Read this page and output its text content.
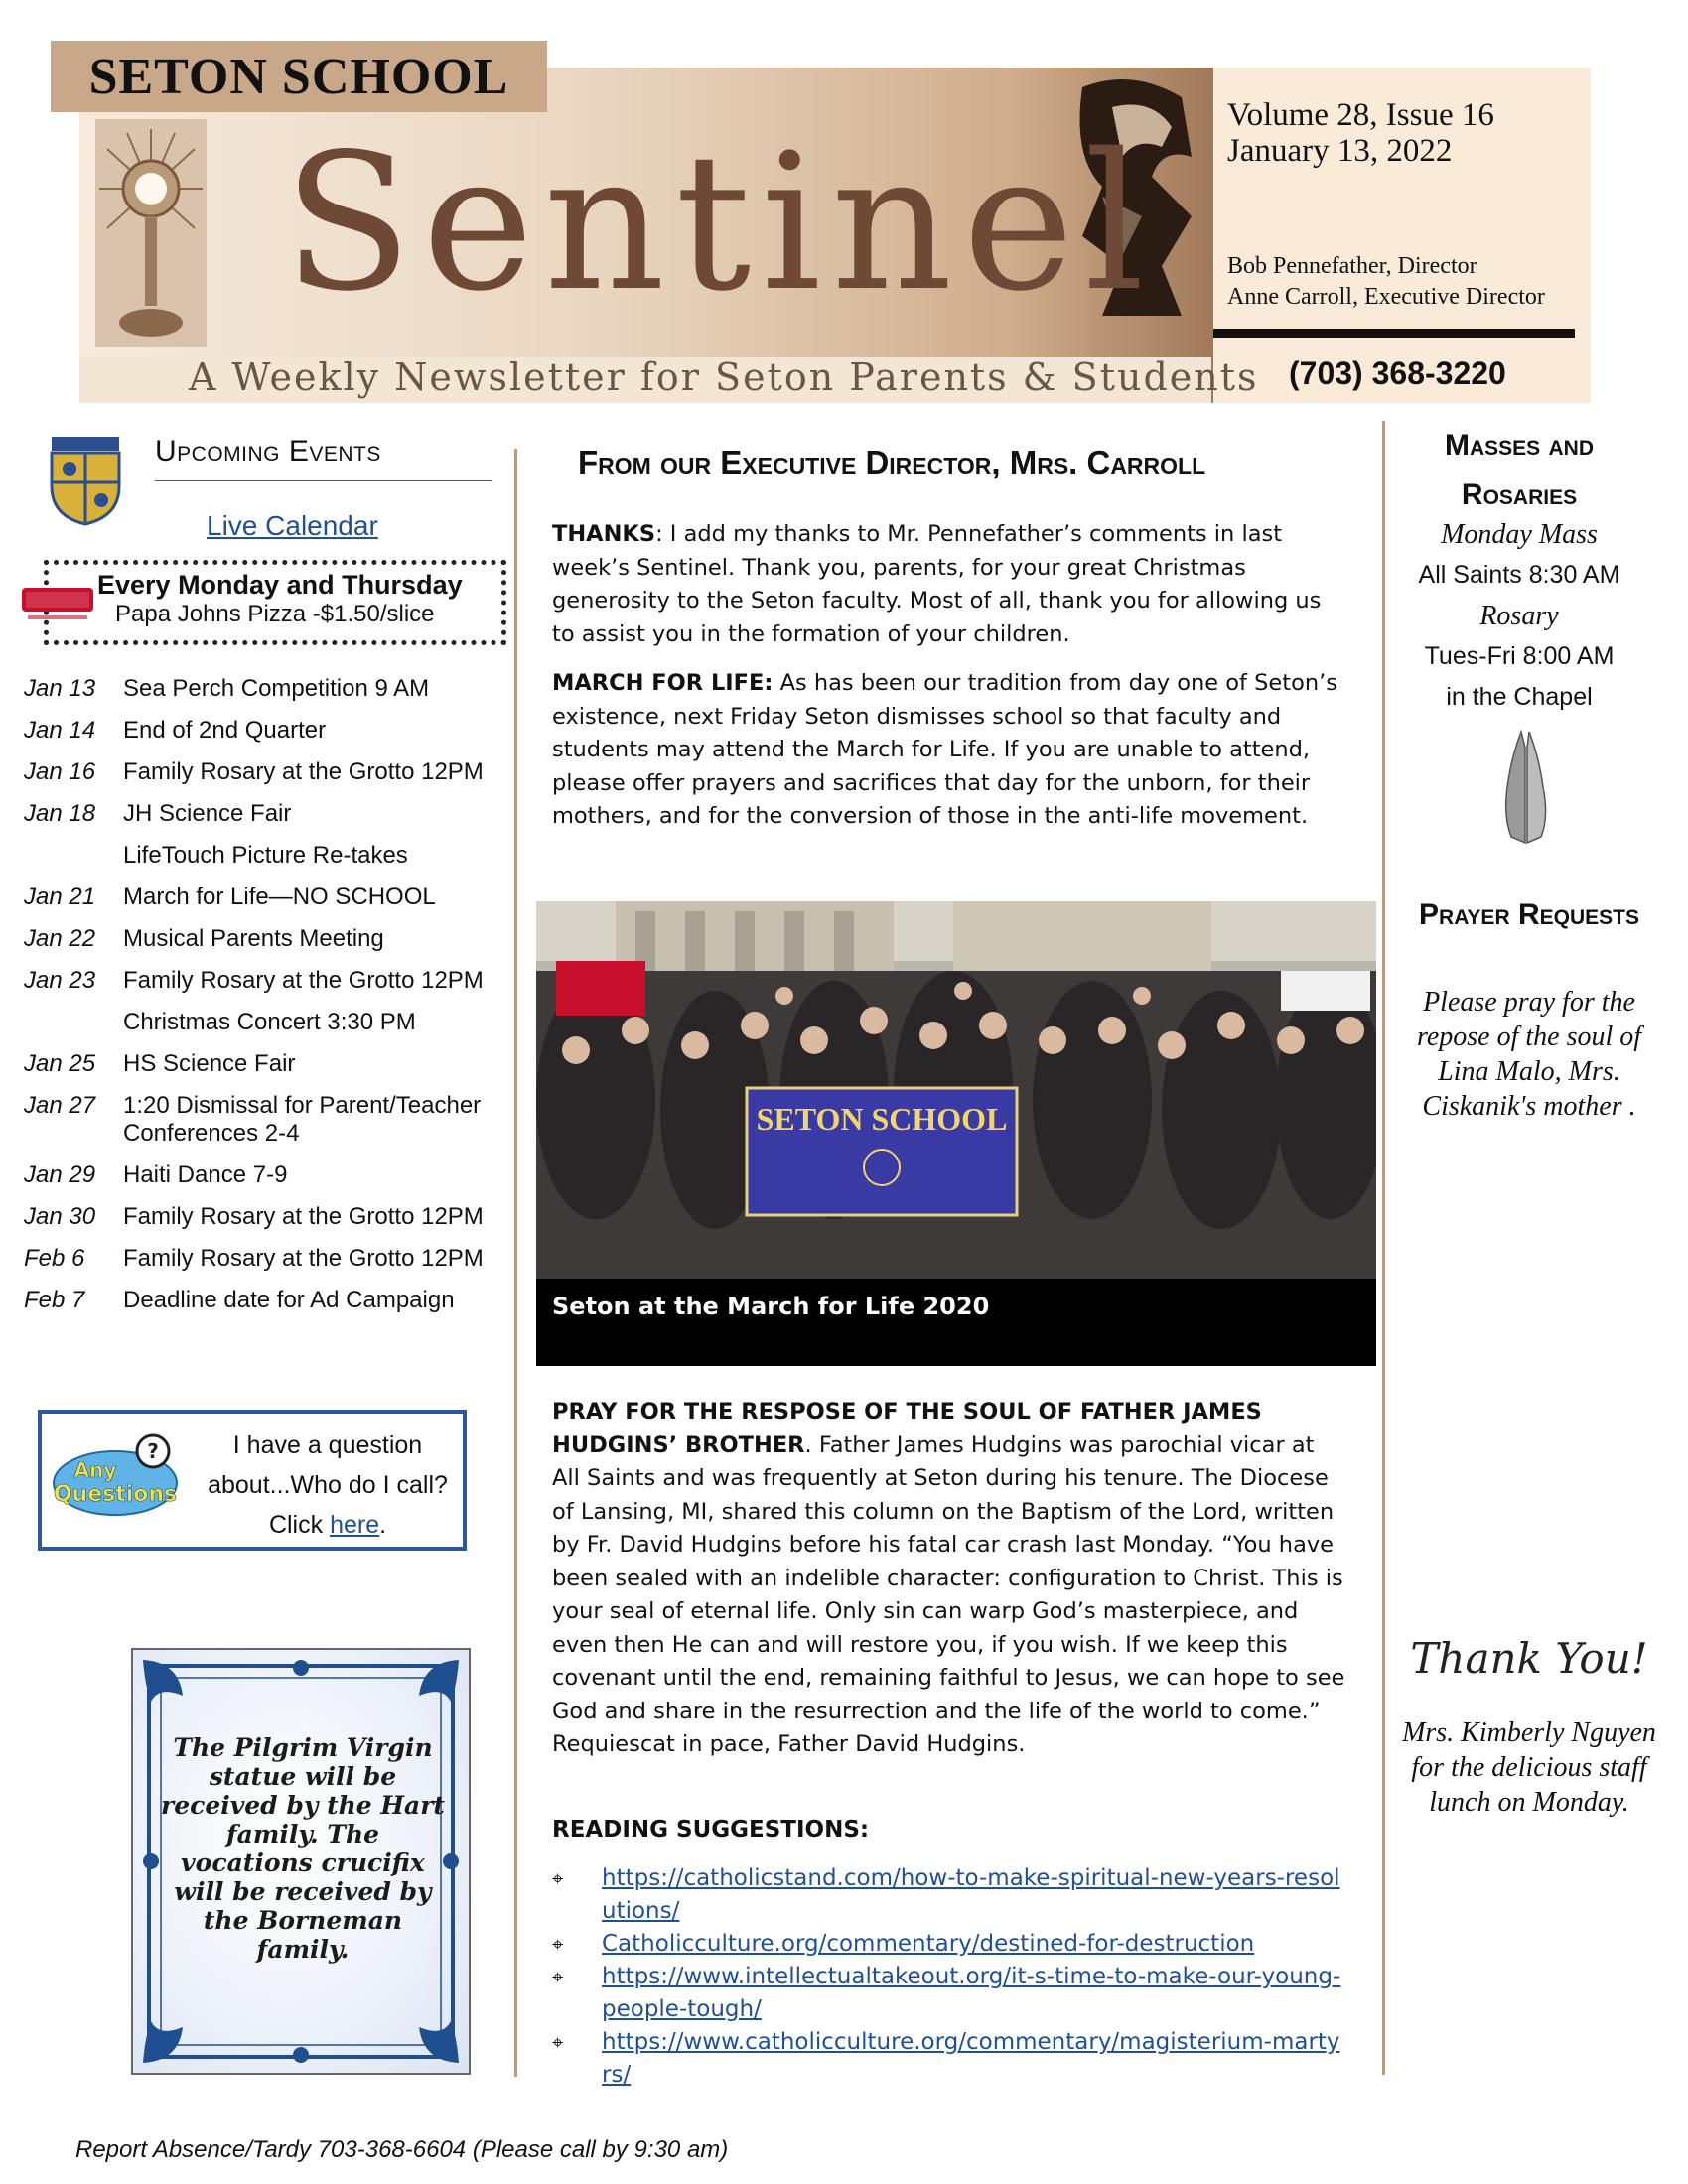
SETON SCHOOL
Sentinel
A Weekly Newsletter for Seton Parents & Students
Volume 28, Issue 16
January 13, 2022
Bob Pennefather, Director
Anne Carroll, Executive Director
(703) 368-3220
Upcoming Events
Live Calendar
Every Monday and Thursday
Papa Johns Pizza -$1.50/slice
Jan 13	Sea Perch Competition 9 AM
Jan 14	End of 2nd Quarter
Jan 16	Family Rosary at the Grotto 12PM
Jan 18	JH Science Fair
LifeTouch Picture Re-takes
Jan 21	March for Life—NO SCHOOL
Jan 22	Musical Parents Meeting
Jan 23	Family Rosary at the Grotto 12PM
Christmas Concert 3:30 PM
Jan 25	HS Science Fair
Jan 27	1:20 Dismissal for Parent/Teacher Conferences 2-4
Jan 29	Haiti Dance 7-9
Jan 30	Family Rosary at the Grotto 12PM
Feb 6	Family Rosary at the Grotto 12PM
Feb 7	Deadline date for Ad Campaign
?
Any
Questions
I have a question
about...Who do I call?
Click here.
The Pilgrim Virgin statue will be received by the Hart family. The vocations crucifix will be received by the Borneman family.
Report Absence/Tardy 703-368-6604 (Please call by 9:30 am)
From our Executive Director, Mrs. Carroll
THANKS: I add my thanks to Mr. Pennefather’s comments in last week’s Sentinel. Thank you, parents, for your great Christmas generosity to the Seton faculty. Most of all, thank you for allowing us to assist you in the formation of your children.
MARCH FOR LIFE: As has been our tradition from day one of Seton’s existence, next Friday Seton dismisses school so that faculty and students may attend the March for Life. If you are unable to attend, please offer prayers and sacrifices that day for the unborn, for their mothers, and for the conversion of those in the anti-life movement.
SETON SCHOOL
Seton at the March for Life 2020
PRAY FOR THE RESPOSE OF THE SOUL OF FATHER JAMES HUDGINS’ BROTHER. Father James Hudgins was parochial vicar at All Saints and was frequently at Seton during his tenure. The Diocese of Lansing, MI, shared this column on the Baptism of the Lord, written by Fr. David Hudgins before his fatal car crash last Monday. “You have been sealed with an indelible character: configuration to Christ. This is your seal of eternal life. Only sin can warp God’s masterpiece, and even then He can and will restore you, if you wish. If we keep this covenant until the end, remaining faithful to Jesus, we can hope to see God and share in the resurrection and the life of the world to come.” Requiescat in pace, Father David Hudgins.
READING SUGGESTIONS:
⌖	https://catholicstand.com/how-to-make-spiritual-new-years-resolutions/
⌖	Catholicculture.org/commentary/destined-for-destruction
⌖	https://www.intellectualtakeout.org/it-s-time-to-make-our-young-people-tough/
⌖	https://www.catholicculture.org/commentary/magisterium-martyrs/
Masses and Rosaries
Monday Mass
All Saints 8:30 AM
Rosary
Tues-Fri 8:00 AM
in the Chapel
Prayer Requests
Please pray for the repose of the soul of Lina Malo, Mrs. Ciskanik's mother .
Thank You!
Mrs. Kimberly Nguyen for the delicious staff lunch on Monday.
